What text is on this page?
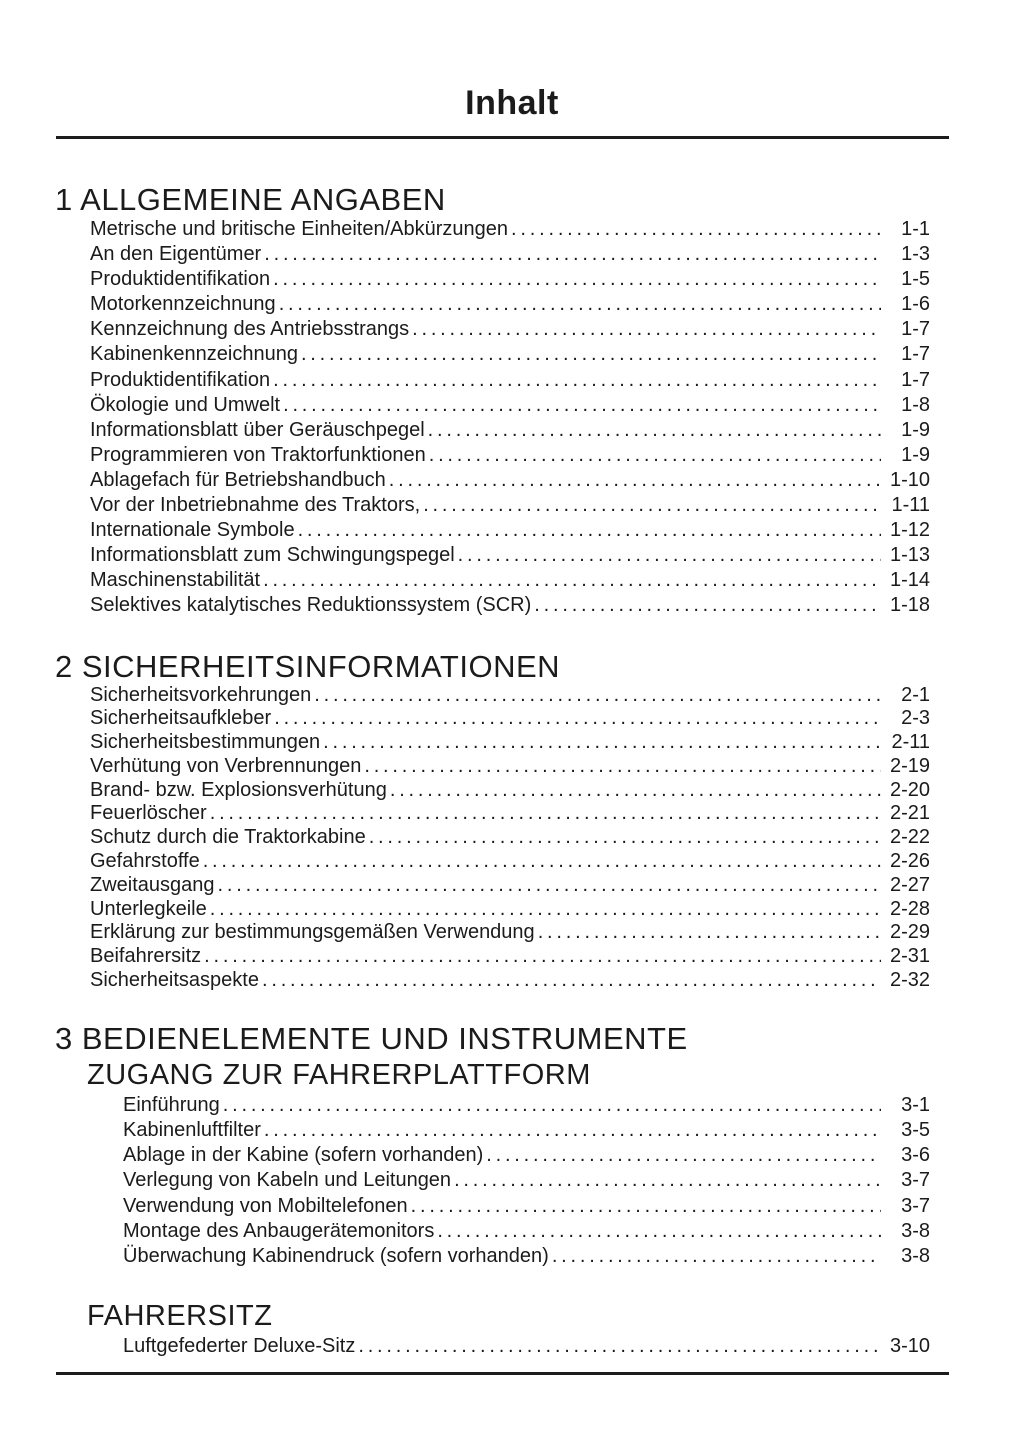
Inhalt
1 ALLGEMEINE ANGABEN
Metrische und britische Einheiten/Abkürzungen .....	1-1
An den Eigentümer .....	1-3
Produktidentifikation .....	1-5
Motorkennzeichnung .....	1-6
Kennzeichnung des Antriebsstrangs .....	1-7
Kabinenkennzeichnung .....	1-7
Produktidentifikation .....	1-7
Ökologie und Umwelt .....	1-8
Informationsblatt über Geräuschpegel .....	1-9
Programmieren von Traktorfunktionen .....	1-9
Ablagefach für Betriebshandbuch .....	1-10
Vor der Inbetriebnahme des Traktors, .....	1-11
Internationale Symbole .....	1-12
Informationsblatt zum Schwingungspegel .....	1-13
Maschinenstabilität .....	1-14
Selektives katalytisches Reduktionssystem (SCR) .....	1-18
2 SICHERHEITSINFORMATIONEN
Sicherheitsvorkehrungen .....	2-1
Sicherheitsaufkleber .....	2-3
Sicherheitsbestimmungen .....	2-11
Verhütung von Verbrennungen .....	2-19
Brand- bzw. Explosionsverhütung .....	2-20
Feuerlöscher .....	2-21
Schutz durch die Traktorkabine .....	2-22
Gefahrstoffe .....	2-26
Zweitausgang .....	2-27
Unterlegkeile .....	2-28
Erklärung zur bestimmungsgemäßen Verwendung .....	2-29
Beifahrersitz .....	2-31
Sicherheitsaspekte .....	2-32
3 BEDIENELEMENTE UND INSTRUMENTE
ZUGANG ZUR FAHRERPLATTFORM
Einführung .....	3-1
Kabinenluftfilter .....	3-5
Ablage in der Kabine (sofern vorhanden) .....	3-6
Verlegung von Kabeln und Leitungen .....	3-7
Verwendung von Mobiltelefonen .....	3-7
Montage des Anbaugerätemonitors .....	3-8
Überwachung Kabinendruck (sofern vorhanden) .....	3-8
FAHRERSITZ
Luftgefederter Deluxe-Sitz .....	3-10
